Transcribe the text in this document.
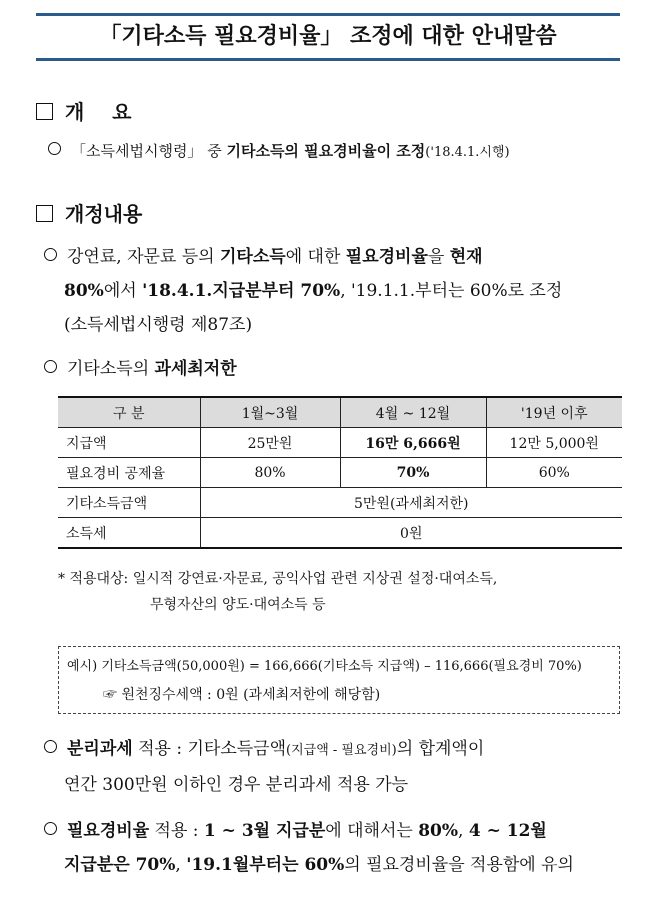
「기타소득 필요경비율」 조정에 대한 안내말씀
개    요
「소득세법시행령」 중 기타소득의 필요경비율이 조정('18.4.1.시행)
개정내용
강연료, 자문료 등의 기타소득에 대한 필요경비율을 현재
80%에서 '18.4.1.지급분부터 70%, '19.1.1.부터는 60%로 조정
(소득세법시행령 제87조)
기타소득의 과세최저한
구 분	1월~3월	4월 ~ 12월	'19년 이후
지급액	25만원	16만 6,666원	12만 5,000원
필요경비 공제율	80%	70%	60%
기타소득금액	5만원(과세최저한)		
소득세	0원		
* 적용대상: 일시적 강연료·자문료, 공익사업 관련 지상권 설정·대여소득,
무형자산의 양도·대여소득 등
예시) 기타소득금액(50,000원) = 166,666(기타소득 지급액) – 116,666(필요경비 70%)
☞ 원천징수세액 : 0원 (과세최저한에 해당함)
분리과세 적용 : 기타소득금액(지급액 - 필요경비)의 합계액이
연간 300만원 이하인 경우 분리과세 적용 가능
필요경비율 적용 : 1 ~ 3월 지급분에 대해서는 80%, 4 ~ 12월
지급분은 70%, '19.1월부터는 60%의 필요경비율을 적용함에 유의
